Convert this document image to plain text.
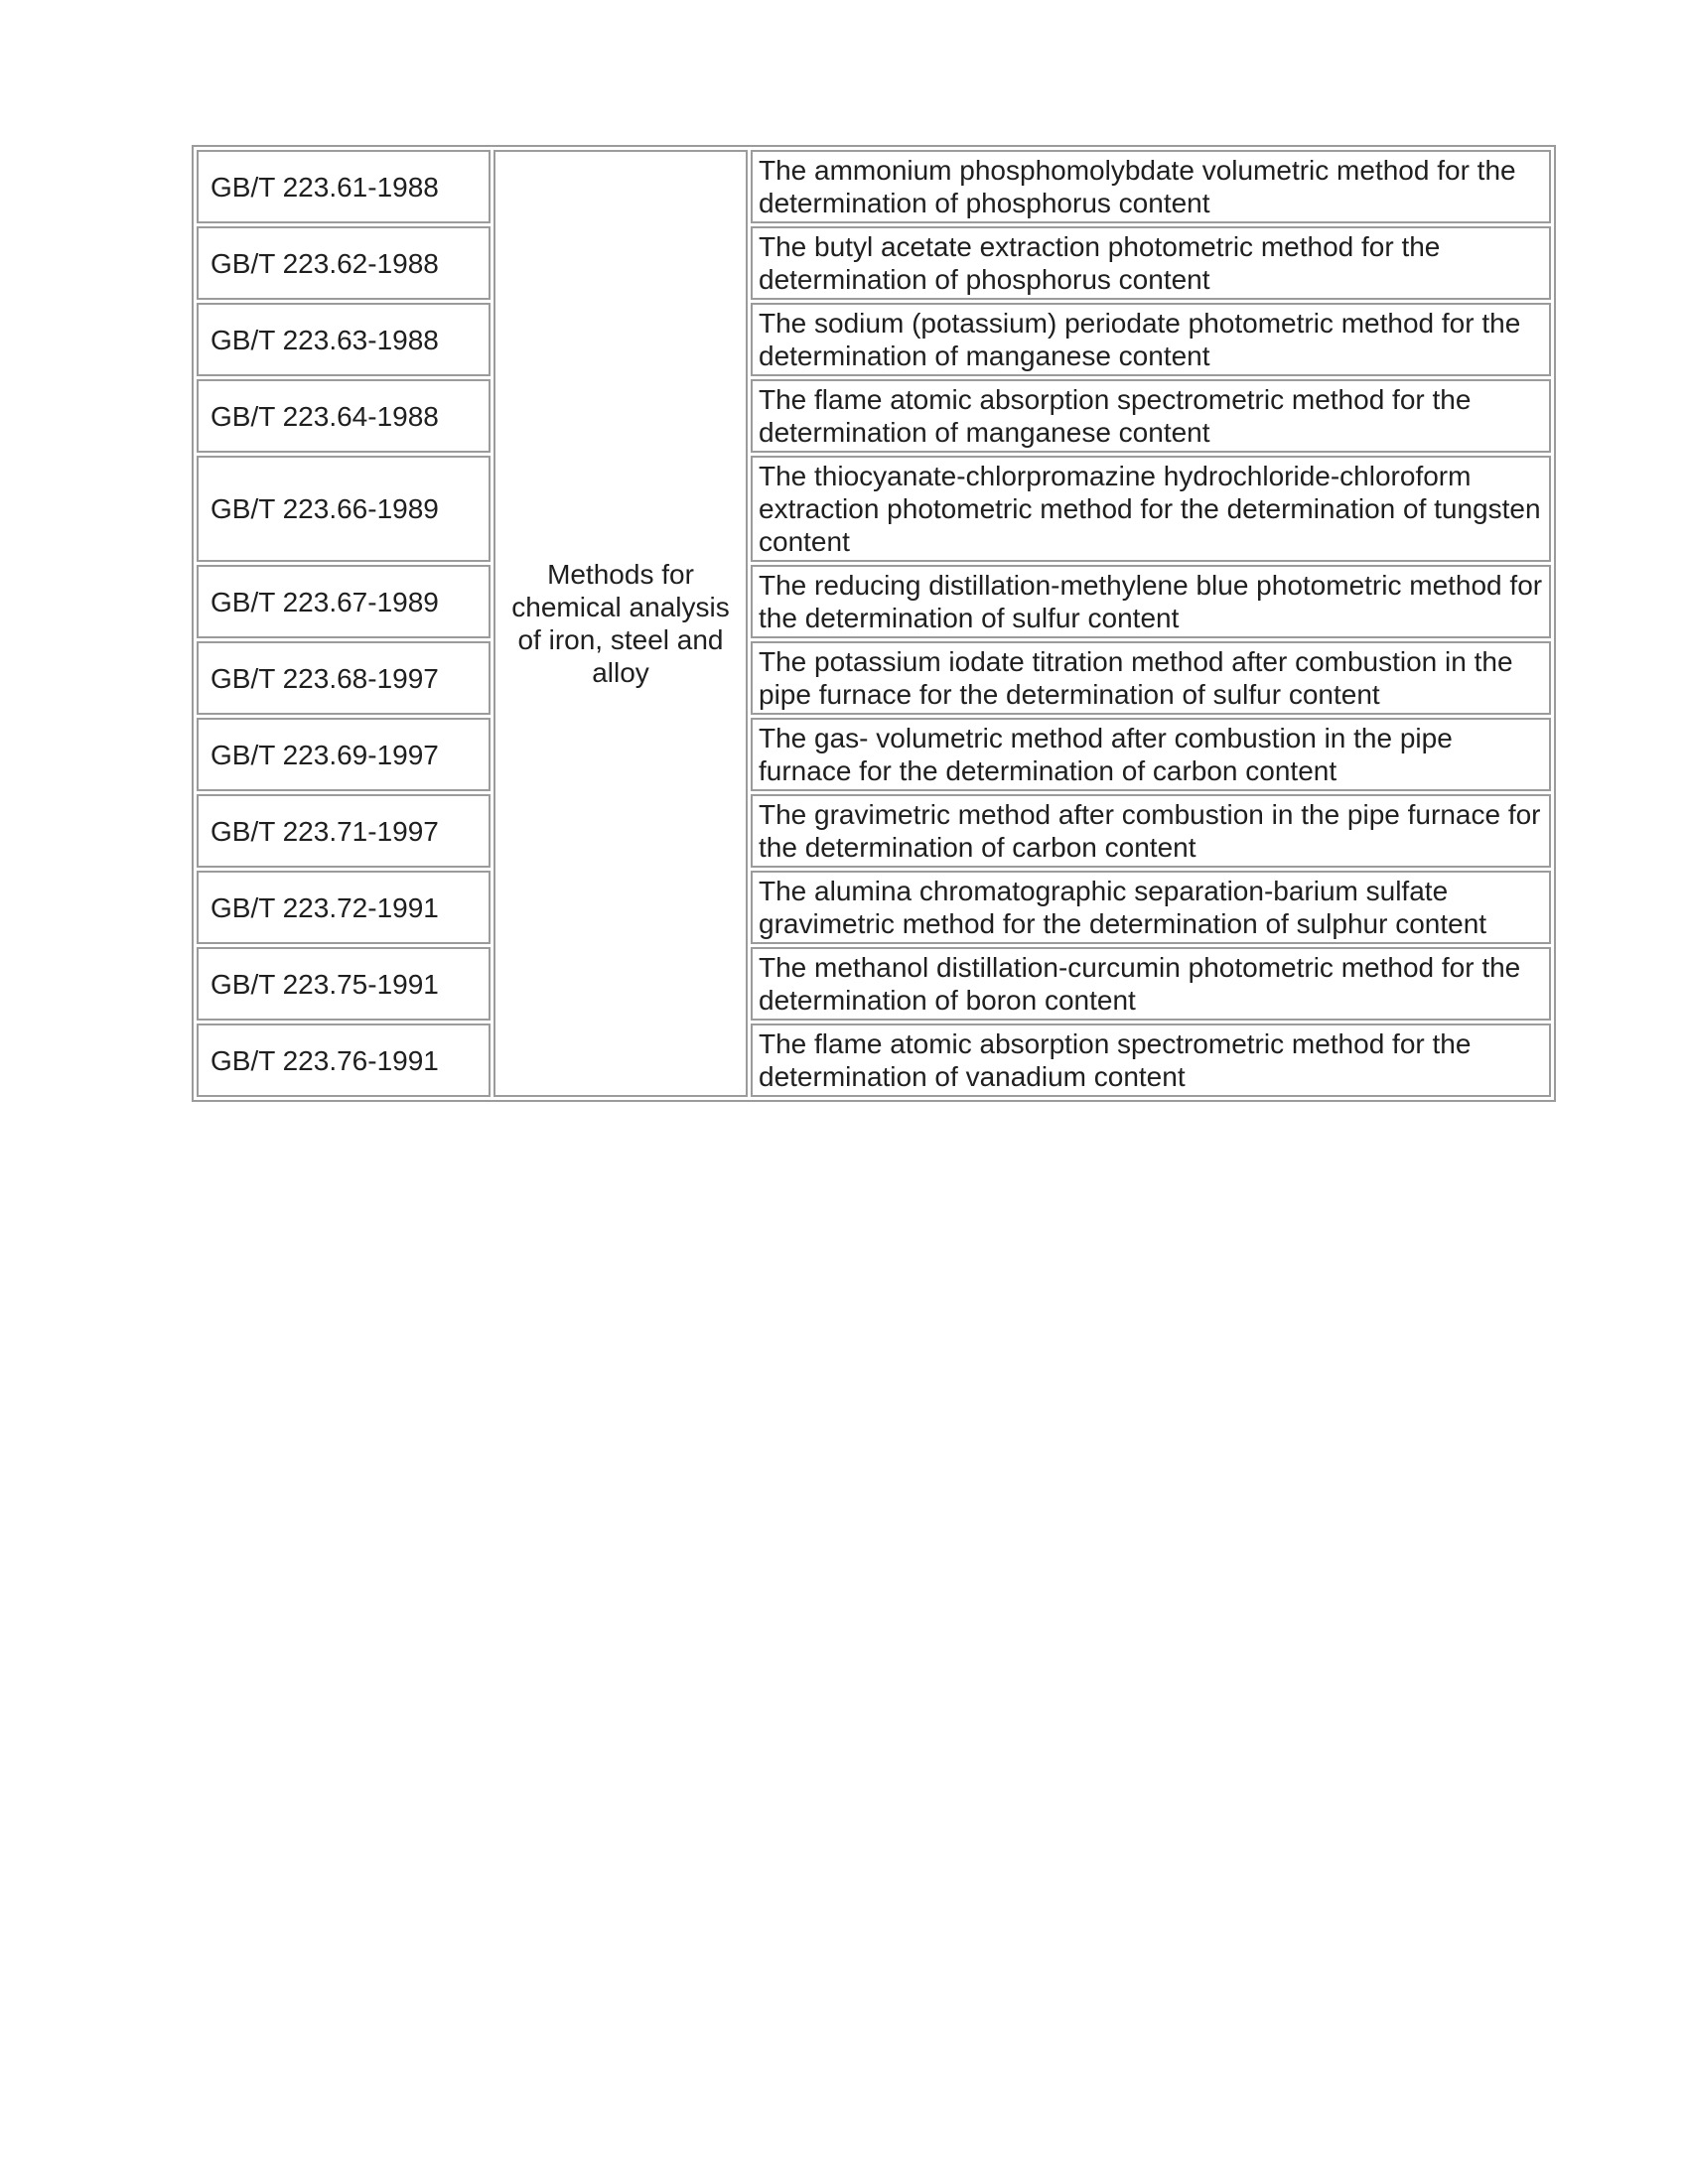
GB/T 223.61-1988	Methods for chemical analysis of iron, steel and alloy	The ammonium phosphomolybdate volumetric method for the determination of phosphorus content
GB/T 223.62-1988		The butyl acetate extraction photometric method for the determination of phosphorus content
GB/T 223.63-1988		The sodium (potassium) periodate photometric method for the determination of manganese content
GB/T 223.64-1988		The flame atomic absorption spectrometric method for the determination of manganese content
GB/T 223.66-1989		The thiocyanate-chlorpromazine hydrochloride-chloroform extraction photometric method for the determination of tungsten content
GB/T 223.67-1989		The reducing distillation-methylene blue photometric method for the determination of sulfur content
GB/T 223.68-1997		The potassium iodate titration method after combustion in the pipe furnace for the determination of sulfur content
GB/T 223.69-1997		The gas- volumetric method after combustion in the pipe furnace for the determination of carbon content
GB/T 223.71-1997		The gravimetric method after combustion in the pipe furnace for the determination of carbon content
GB/T 223.72-1991		The alumina chromatographic separation-barium sulfate gravimetric method for the determination of sulphur content
GB/T 223.75-1991		The methanol distillation-curcumin photometric method for the determination of boron content
GB/T 223.76-1991		The flame atomic absorption spectrometric method for the determination of vanadium content
